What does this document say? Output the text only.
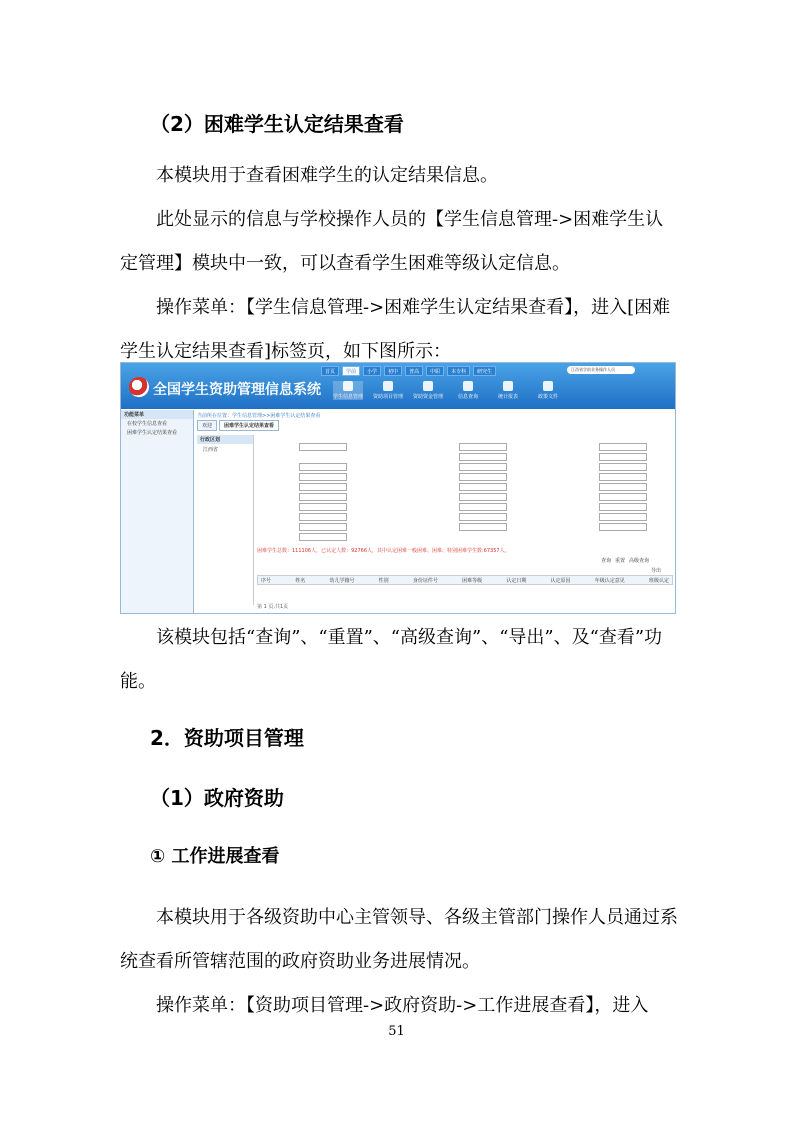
（2）困难学生认定结果查看
本模块用于查看困难学生的认定结果信息。
此处显示的信息与学校操作人员的【学生信息管理->困难学生认定管理】模块中一致，可以查看学生困难等级认定信息。
操作菜单：【学生信息管理->困难学生认定结果查看】，进入[困难学生认定结果查看]标签页，如下图所示：
全国学生资助管理信息系统
首页	学前	小学	初中	普高	中职	本专科	研究生	江西省学前业务操作人员
学生信息管理 资助项目管理 资助资金管理	信息查询	统计报表	政策文件
功能菜单
在校学生信息查看
困难学生认定结果查看
当前所在位置：学生信息管理>>困难学生认定结果查看
欢迎	困难学生认定结果查看
行政区划
江西省
困难学生总数：111106人，已认定人数：92766人，其中认定困难一般困难、困难、特别困难学生数:67357人。
查询 重置 高级查询
导出
序号	姓名	幼儿学籍号	性别	身份证件号	困难等级	认定日期	认定原因	年级认定意见	班级认定
第 1 页,共1页
该模块包括“查询”、“重置”、“高级查询”、“导出”、及“查看”功能。
2．资助项目管理
（1）政府资助
① 工作进展查看
本模块用于各级资助中心主管领导、各级主管部门操作人员通过系统查看所管辖范围的政府资助业务进展情况。
操作菜单：【资助项目管理->政府资助->工作进展查看】，进入
51
